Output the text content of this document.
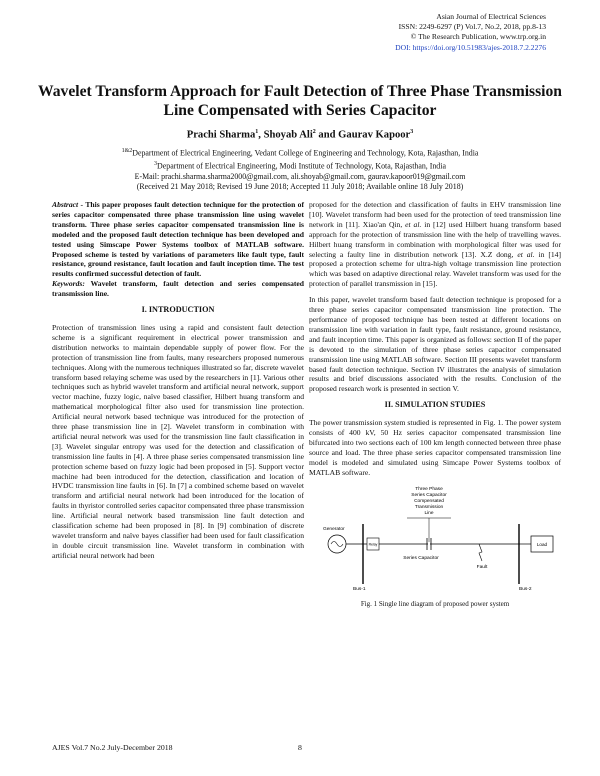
Asian Journal of Electrical Sciences
ISSN: 2249-6297 (P) Vol.7, No.2, 2018, pp.8-13
© The Research Publication, www.trp.org.in
DOI: https://doi.org/10.51983/ajes-2018.7.2.2276
Wavelet Transform Approach for Fault Detection of Three Phase Transmission Line Compensated with Series Capacitor
Prachi Sharma$^1$, Shoyab Ali$^2$ and Gaurav Kapoor$^3$
$^{1\&2}$Department of Electrical Engineering, Vedant College of Engineering and Technology, Kota, Rajasthan, India
$^3$Department of Electrical Engineering, Modi Institute of Technology, Kota, Rajasthan, India
E-Mail: prachi.sharma.sharma2000@gmail.com, ali.shoyab@gmail.com, gaurav.kapoor019@gmail.com
(Received 21 May 2018; Revised 19 June 2018; Accepted 11 July 2018; Available online 18 July 2018)

Abstract - This paper proposes fault detection technique for the protection of series capacitor compensated three phase transmission line using wavelet transform. Three phase series capacitor compensated transmission line is modeled and the proposed fault detection technique has been developed and tested using Simscape Power Systems toolbox of MATLAB software. Proposed scheme is tested by variations of parameters like fault type, fault resistance, ground resistance, fault location and fault inception time. The test results confirmed successful detection of fault.
Keywords: Wavelet transform, fault detection and series compensated transmission line.

I. INTRODUCTION

Protection of transmission lines using a rapid and consistent fault detection scheme is a significant requirement in electrical power transmission and distribution networks to maintain dependable supply of power flow. For the protection of transmission line from faults, many researchers proposed numerous techniques. Along with the numerous techniques illustrated so far, discrete wavelet transform based relaying scheme was used by the researchers in [1]. Various other techniques such as hybrid wavelet transform and artificial neural network, support vector machine, fuzzy logic, naïve based classifier, Hilbert huang transform and mathematical morphological filter also used for transmission line protection. Artificial neural network based technique was introduced for the protection of three phase transmission line in [2]. Wavelet transform in combination with artificial neural network was used for the transmission line fault classification in [3]. Wavelet singular entropy was used for the detection and classification of transmission line faults in [4]. A three phase series compensated transmission line protection scheme based on fuzzy logic had been proposed in [5]. Support vector machine had been introduced for the detection, classification and location of HVDC transmission line faults in [6]. In [7] a combined scheme based on wavelet transform and artificial neural network had been introduced for the location of faults in thyristor controlled series capacitor compensated three phase transmission line. Artificial neural network based transmission line fault detection and classification scheme had been proposed in [8]. In [9] combination of discrete wavelet transform and naïve bayes classifier had been used for fault classification in double circuit transmission line. Wavelet transform in combination with artificial neural network had been

proposed for the detection and classification of faults in EHV transmission line [10]. Wavelet transform had been used for the protection of teed transmission line network in [11]. Xiao'an Qin, et al. in [12] used Hilbert huang transform based approach for the protection of transmission line with the help of travelling waves. Hilbert huang transform in combination with morphological filter was used for selecting a faulty line in distribution network [13]. X.Z dong, et al. in [14] proposed a protection scheme for ultra-high voltage transmission line protection which was based on adaptive directional relay. Wavelet transform was used for the protection of parallel transmission in [15].

In this paper, wavelet transform based fault detection technique is proposed for a three phase series capacitor compensated transmission line protection. The performance of proposed technique has been tested at different locations on transmission line with variation in fault type, fault resistance, ground resistance, and fault inception time. This paper is organized as follows: section II of the paper is devoted to the simulation of three phase series capacitor compensated transmission line using MATLAB software. Section III presents wavelet transform based fault detection technique. Section IV illustrates the analysis of simulation results and brief discussions associated with the results. Conclusion of the proposed research work is presented in section V.

II. SIMULATION STUDIES

The power transmission system studied is represented in Fig. 1. The power system consists of 400 kV, 50 Hz series capacitor compensated transmission line bifurcated into two sections each of 100 km length connected between three phase source and load. The three phase series capacitor compensated transmission line model is modeled and simulated using Simcape Power Systems toolbox of MATLAB software.

Three Phase
Series Capacitor
Compensated
Transmission
Line
Generator
Bus-1
Relay
Series Capacitor
Fault
Bus-2
Load
Fig. 1 Single line diagram of proposed power system
AJES Vol.7 No.2 July-December 2018	8
